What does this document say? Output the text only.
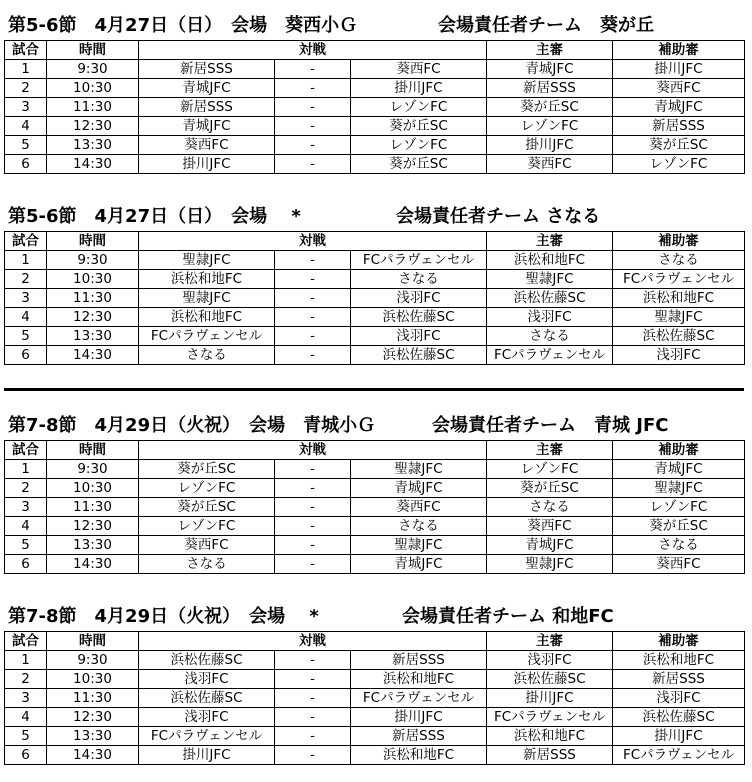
第5-6節　4月27日（日）　会場　葵西小Ｇ	会場責任者チーム　葵が丘
試合	時間	対戦			主審	補助審
1	9:30	新居SSS	-	葵西FC	青城JFC	掛川JFC
2	10:30	青城JFC	-	掛川JFC	新居SSS	葵西FC
3	11:30	新居SSS	-	レゾンFC	葵が丘SC	青城JFC
4	12:30	青城JFC	-	葵が丘SC	レゾンFC	新居SSS
5	13:30	葵西FC	-	レゾンFC	掛川JFC	葵が丘SC
6	14:30	掛川JFC	-	葵が丘SC	葵西FC	レゾンFC
第5-6節　4月27日（日）　会場　 *	会場責任者チーム さなる
試合	時間	対戦			主審	補助審
1	9:30	聖隷JFC	-	FCパラヴェンセル	浜松和地FC	さなる
2	10:30	浜松和地FC	-	さなる	聖隷JFC	FCパラヴェンセル
3	11:30	聖隷JFC	-	浅羽FC	浜松佐藤SC	浜松和地FC
4	12:30	浜松和地FC	-	浜松佐藤SC	浅羽FC	聖隷JFC
5	13:30	FCパラヴェンセル	-	浅羽FC	さなる	浜松佐藤SC
6	14:30	さなる	-	浜松佐藤SC	FCパラヴェンセル	浅羽FC
第7-8節　4月29日（火祝）　会場　青城小Ｇ	会場責任者チーム　青城 JFC
試合	時間	対戦			主審	補助審
1	9:30	葵が丘SC	-	聖隷JFC	レゾンFC	青城JFC
2	10:30	レゾンFC	-	青城JFC	葵が丘SC	聖隷JFC
3	11:30	葵が丘SC	-	葵西FC	さなる	レゾンFC
4	12:30	レゾンFC	-	さなる	葵西FC	葵が丘SC
5	13:30	葵西FC	-	聖隷JFC	青城JFC	さなる
6	14:30	さなる	-	青城JFC	聖隷JFC	葵西FC
第7-8節　4月29日（火祝）　会場　 *	会場責任者チーム 和地FC
試合	時間	対戦			主審	補助審
1	9:30	浜松佐藤SC	-	新居SSS	浅羽FC	浜松和地FC
2	10:30	浅羽FC	-	浜松和地FC	浜松佐藤SC	新居SSS
3	11:30	浜松佐藤SC	-	FCパラヴェンセル	掛川JFC	浅羽FC
4	12:30	浅羽FC	-	掛川JFC	FCパラヴェンセル	浜松佐藤SC
5	13:30	FCパラヴェンセル	-	新居SSS	浜松和地FC	掛川JFC
6	14:30	掛川JFC	-	浜松和地FC	新居SSS	FCパラヴェンセル
